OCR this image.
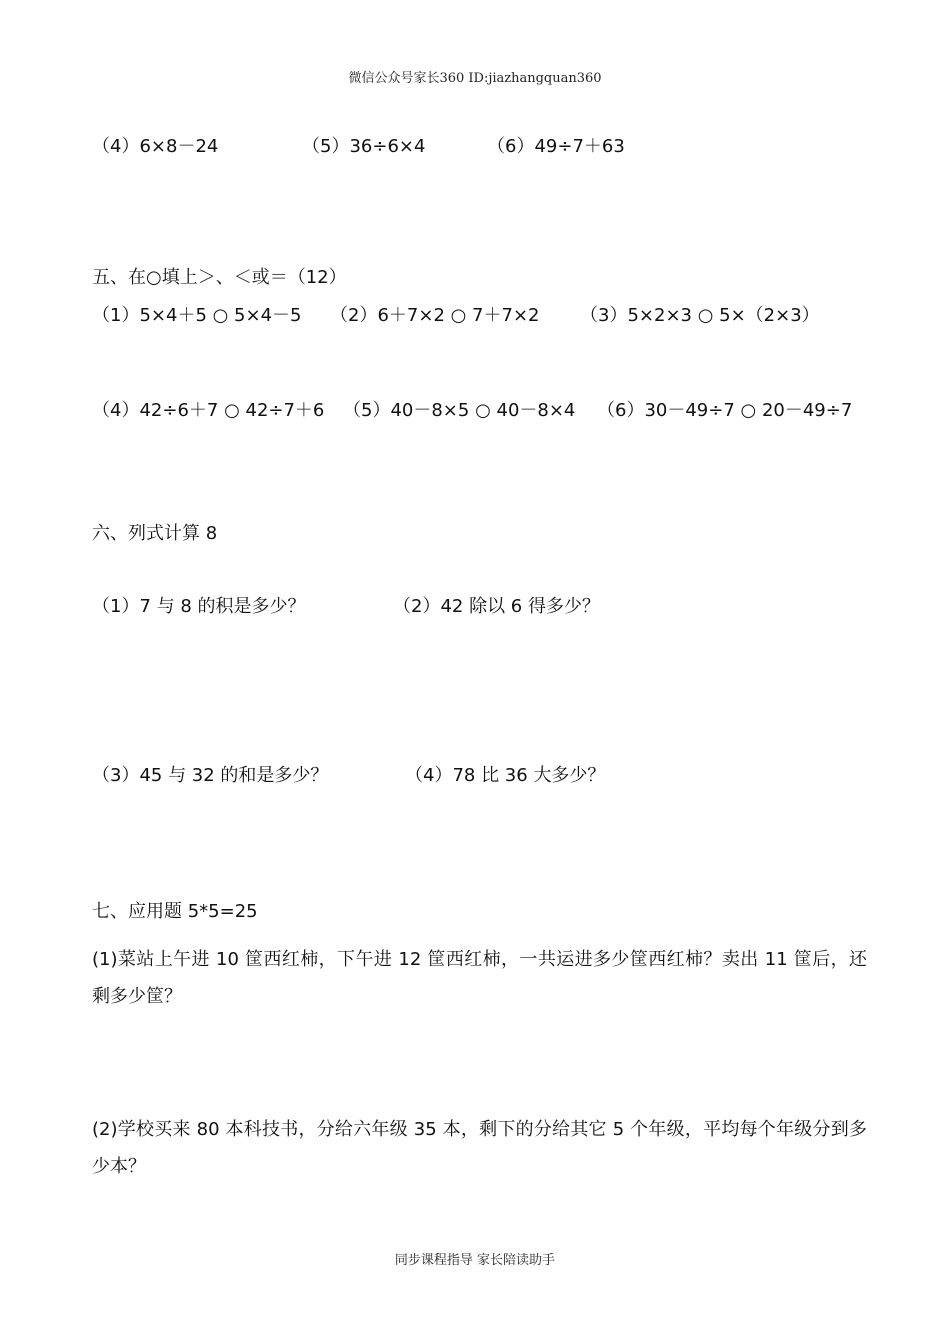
微信公众号家长360 ID:jiazhangquan360
（4）6×8－24	（5）36÷6×4	（6）49÷7＋63
五、在○填上＞、＜或＝（12）
（1）5×4＋5 ○ 5×4－5 （2）6＋7×2 ○ 7＋7×2 （3）5×2×3 ○ 5×（2×3）
（4）42÷6＋7 ○ 42÷7＋6 （5）40－8×5 ○ 40－8×4 （6）30－49÷7 ○ 20－49÷7
六、列式计算 8
（1）7 与 8 的积是多少？	（2）42 除以 6 得多少？
（3）45 与 32 的和是多少？	（4）78 比 36 大多少？
七、应用题 5*5=25
(1)菜站上午进 10 筐西红柿，下午进 12 筐西红柿，一共运进多少筐西红柿？卖出 11 筐后，还剩多少筐？
(2)学校买来 80 本科技书，分给六年级 35 本，剩下的分给其它 5 个年级，平均每个年级分到多少本？
同步课程指导 家长陪读助手
